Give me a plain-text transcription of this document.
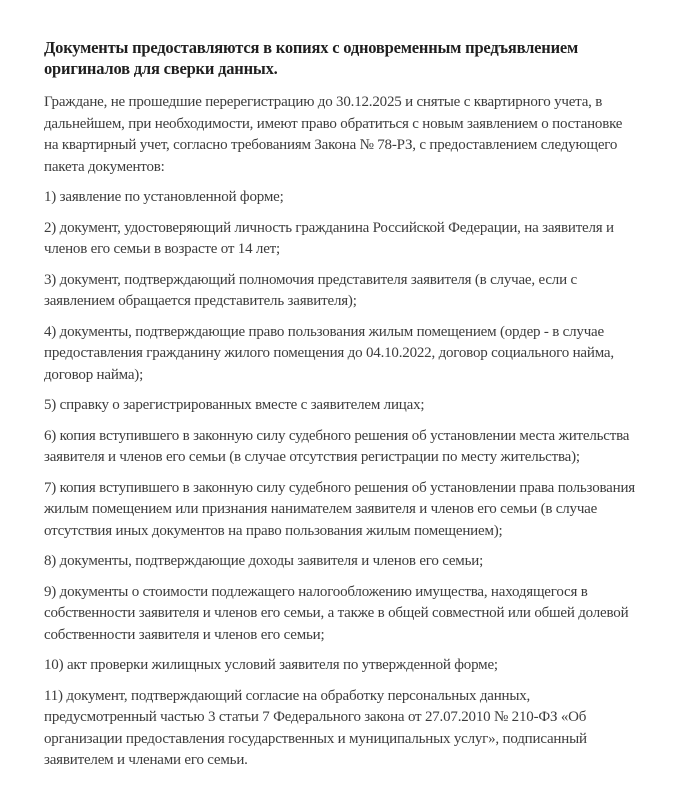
Документы предоставляются в копиях с одновременным предъявлением оригиналов для сверки данных.

Граждане, не прошедшие перерегистрацию до 30.12.2025 и снятые с квартирного учета, в дальнейшем, при необходимости, имеют право обратиться с новым заявлением о постановке на квартирный учет, согласно требованиям Закона № 78-РЗ, с предоставлением следующего пакета документов:

1) заявление по установленной форме;

2) документ, удостоверяющий личность гражданина Российской Федерации, на заявителя и членов его семьи в возрасте от 14 лет;

3) документ, подтверждающий полномочия представителя заявителя (в случае, если с заявлением обращается представитель заявителя);

4) документы, подтверждающие право пользования жилым помещением (ордер - в случае предоставления гражданину жилого помещения до 04.10.2022, договор социального найма, договор найма);

5) справку о зарегистрированных вместе с заявителем лицах;

6) копия вступившего в законную силу судебного решения об установлении места жительства заявителя и членов его семьи (в случае отсутствия регистрации по месту жительства);

7) копия вступившего в законную силу судебного решения об установлении права пользования жилым помещением или признания нанимателем заявителя и членов его семьи (в случае отсутствия иных документов на право пользования жилым помещением);

8) документы, подтверждающие доходы заявителя и членов его семьи;

9) документы о стоимости подлежащего налогообложению имущества, находящегося в собственности заявителя и членов его семьи, а также в общей совместной или обшей долевой собственности заявителя и членов его семьи;

10) акт проверки жилищных условий заявителя по утвержденной форме;

11) документ, подтверждающий согласие на обработку персональных данных, предусмотренный частью 3 статьи 7 Федерального закона от 27.07.2010 № 210-ФЗ «Об организации предоставления государственных и муниципальных услуг», подписанный заявителем и членами его семьи.
